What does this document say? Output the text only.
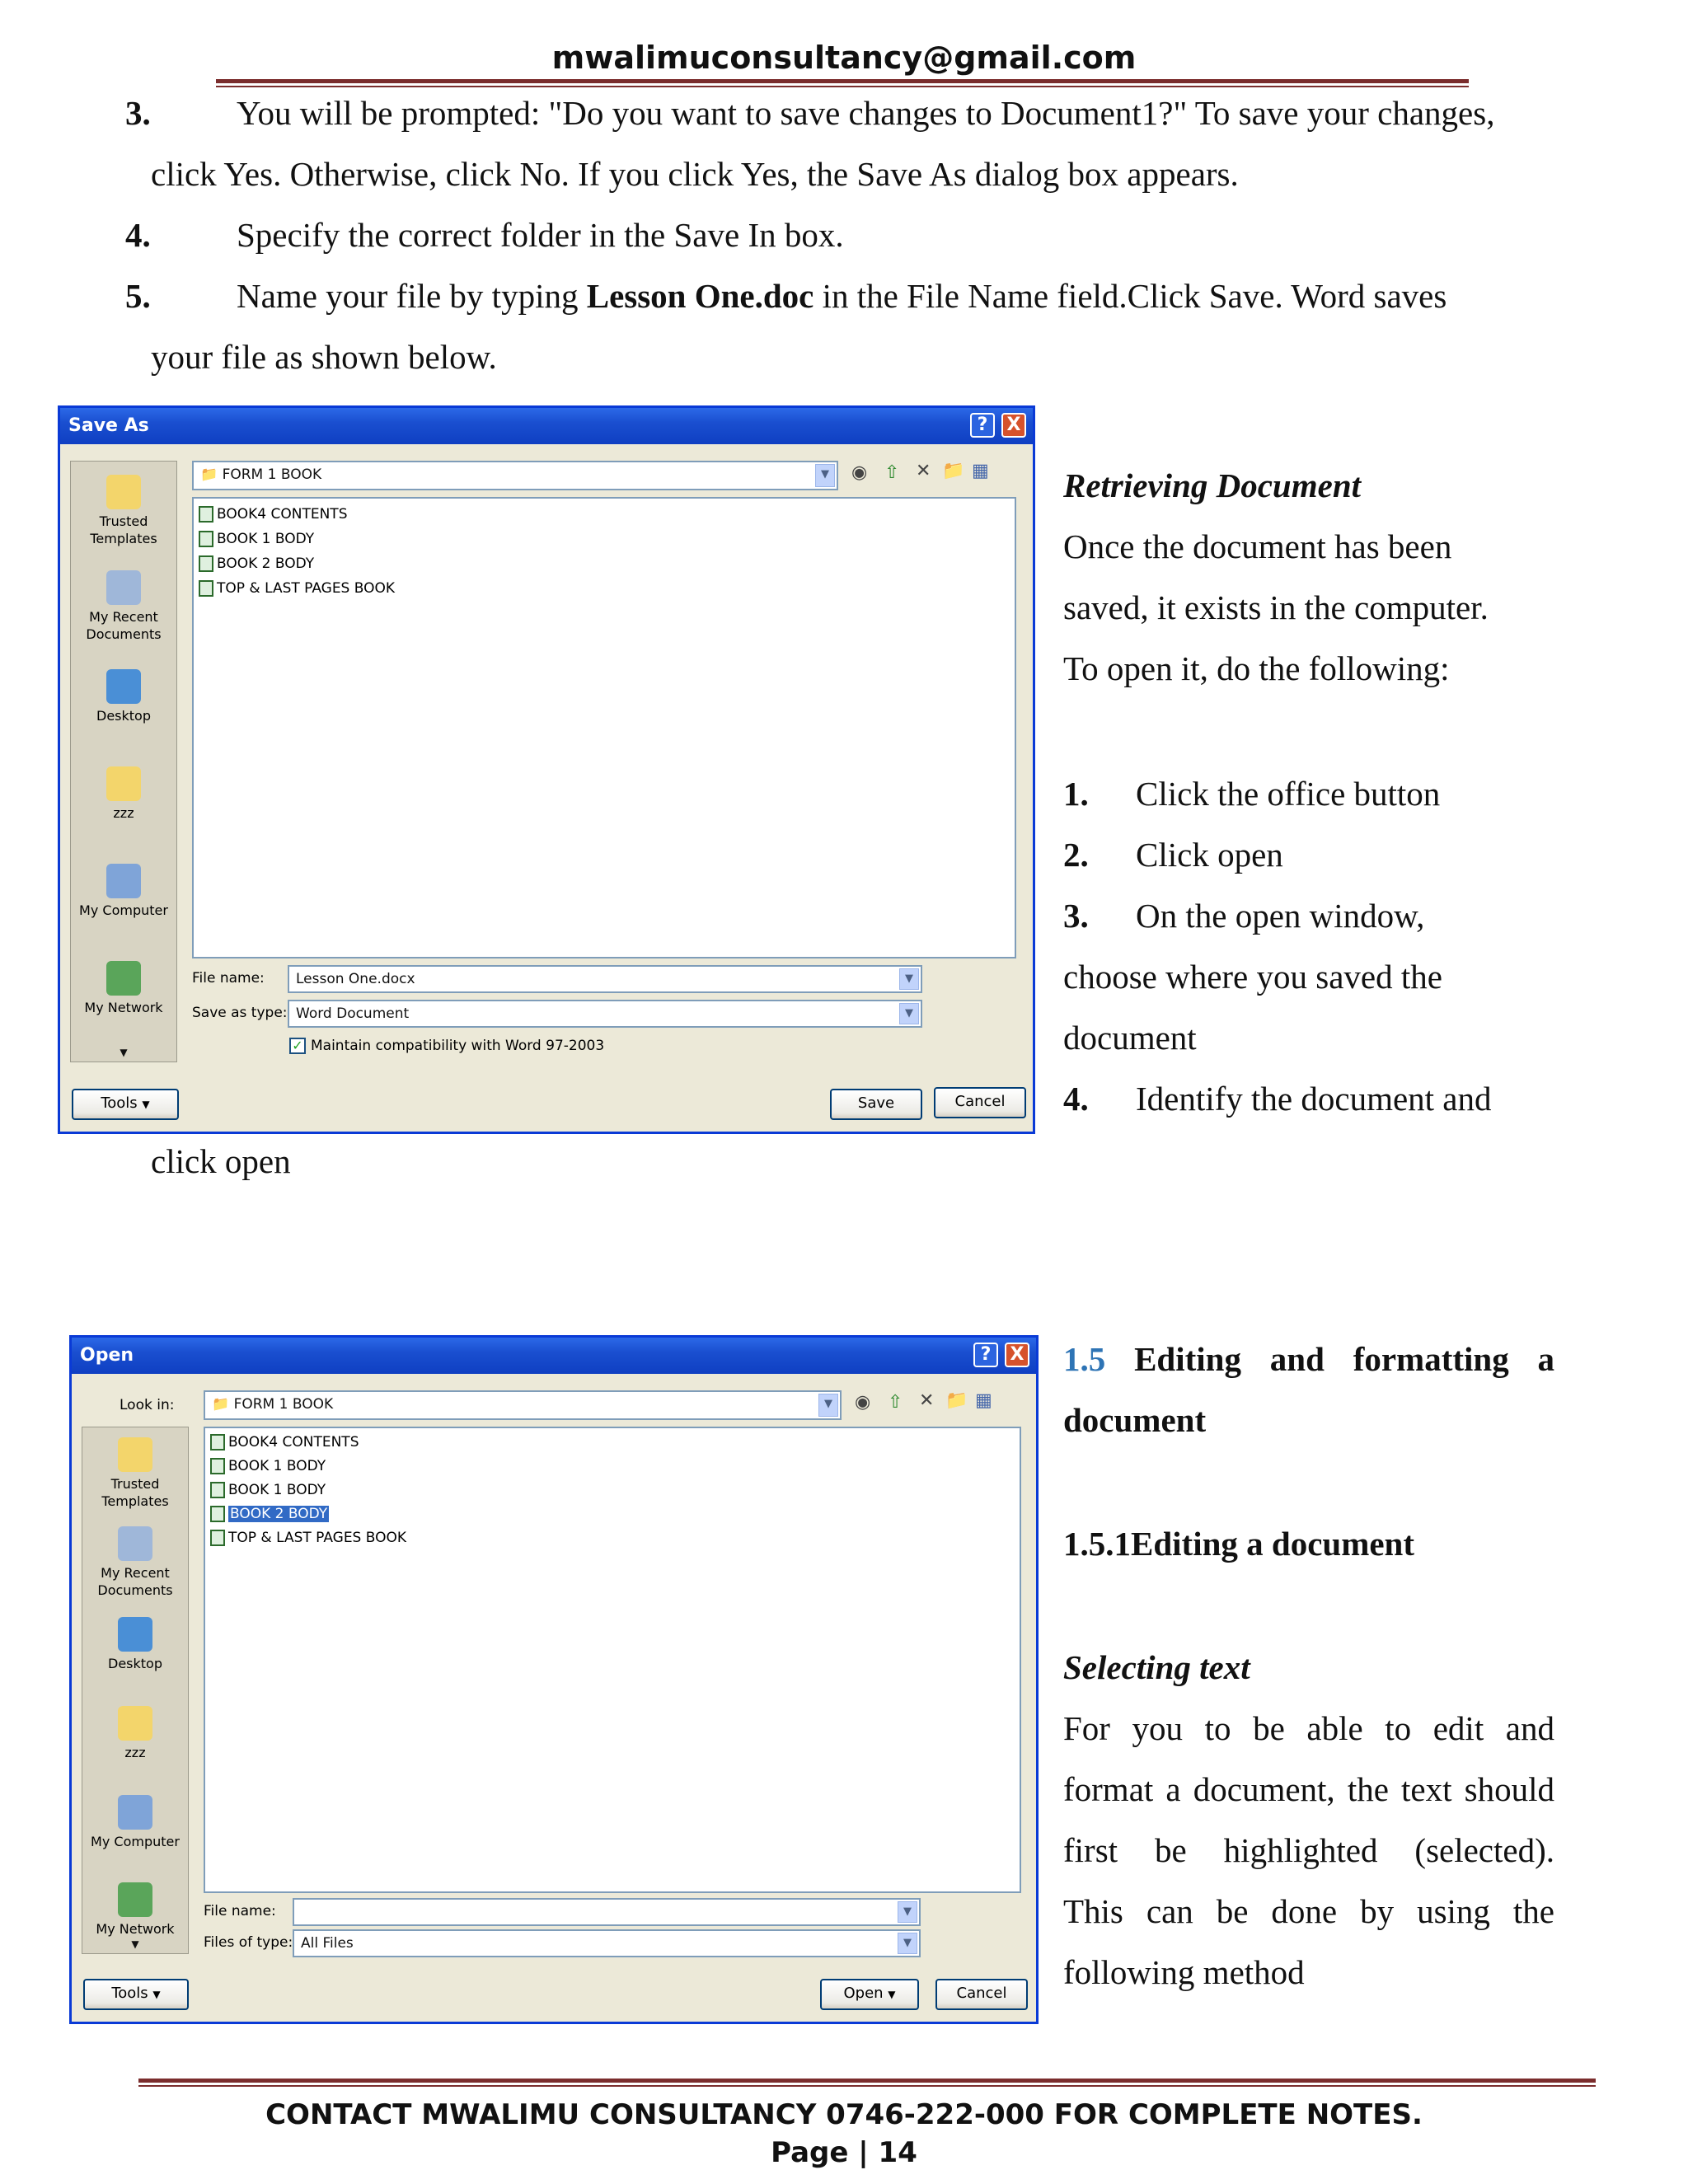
mwalimuconsultancy@gmail.com
3.	You will be prompted: "Do you want to save changes to Document1?" To save your changes,
click Yes. Otherwise, click No. If you click Yes, the Save As dialog box appears.
4.	Specify the correct folder in the Save In box.
5.	Name your file by typing Lesson One.doc in the File Name field.Click Save. Word saves
your file as shown below.
Save As	?	X
📁 FORM 1 BOOK	▼	◉ ⇧ ✕ 📁 ▦
Trusted Templates
My Recent Documents
Desktop
zzz
My Computer
My Network
▼
BOOK4 CONTENTS
BOOK 1 BODY
BOOK 2 BODY
TOP & LAST PAGES BOOK
File name:	Lesson One.docx	▼
Save as type: Word Document	▼
✓ Maintain compatibility with Word 97-2003
Tools ▼	Save	Cancel
Retrieving Document
Once the document has been
saved, it exists in the computer.
To open it, do the following:
1. Click the office button
2. Click open
3. On the open window,
choose where you saved the
document
4. Identify the document and
click open
Open	?	X
Look in:	📁 FORM 1 BOOK	▼	◉ ⇧ ✕ 📁 ▦
Trusted Templates
My Recent Documents
Desktop
zzz
My Computer
My Network
▼
BOOK4 CONTENTS
BOOK 1 BODY
BOOK 1 BODY
BOOK 2 BODY
TOP & LAST PAGES BOOK
File name:	▼
Files of type: All Files	▼
Tools ▼	Open ▼	Cancel
1.5 Editing and formatting a
document
1.5.1Editing a document
Selecting text
For you to be able to edit and
format a document, the text should
first be highlighted (selected).
This can be done by using the
following method
CONTACT MWALIMU CONSULTANCY 0746-222-000 FOR COMPLETE NOTES.
Page | 14
